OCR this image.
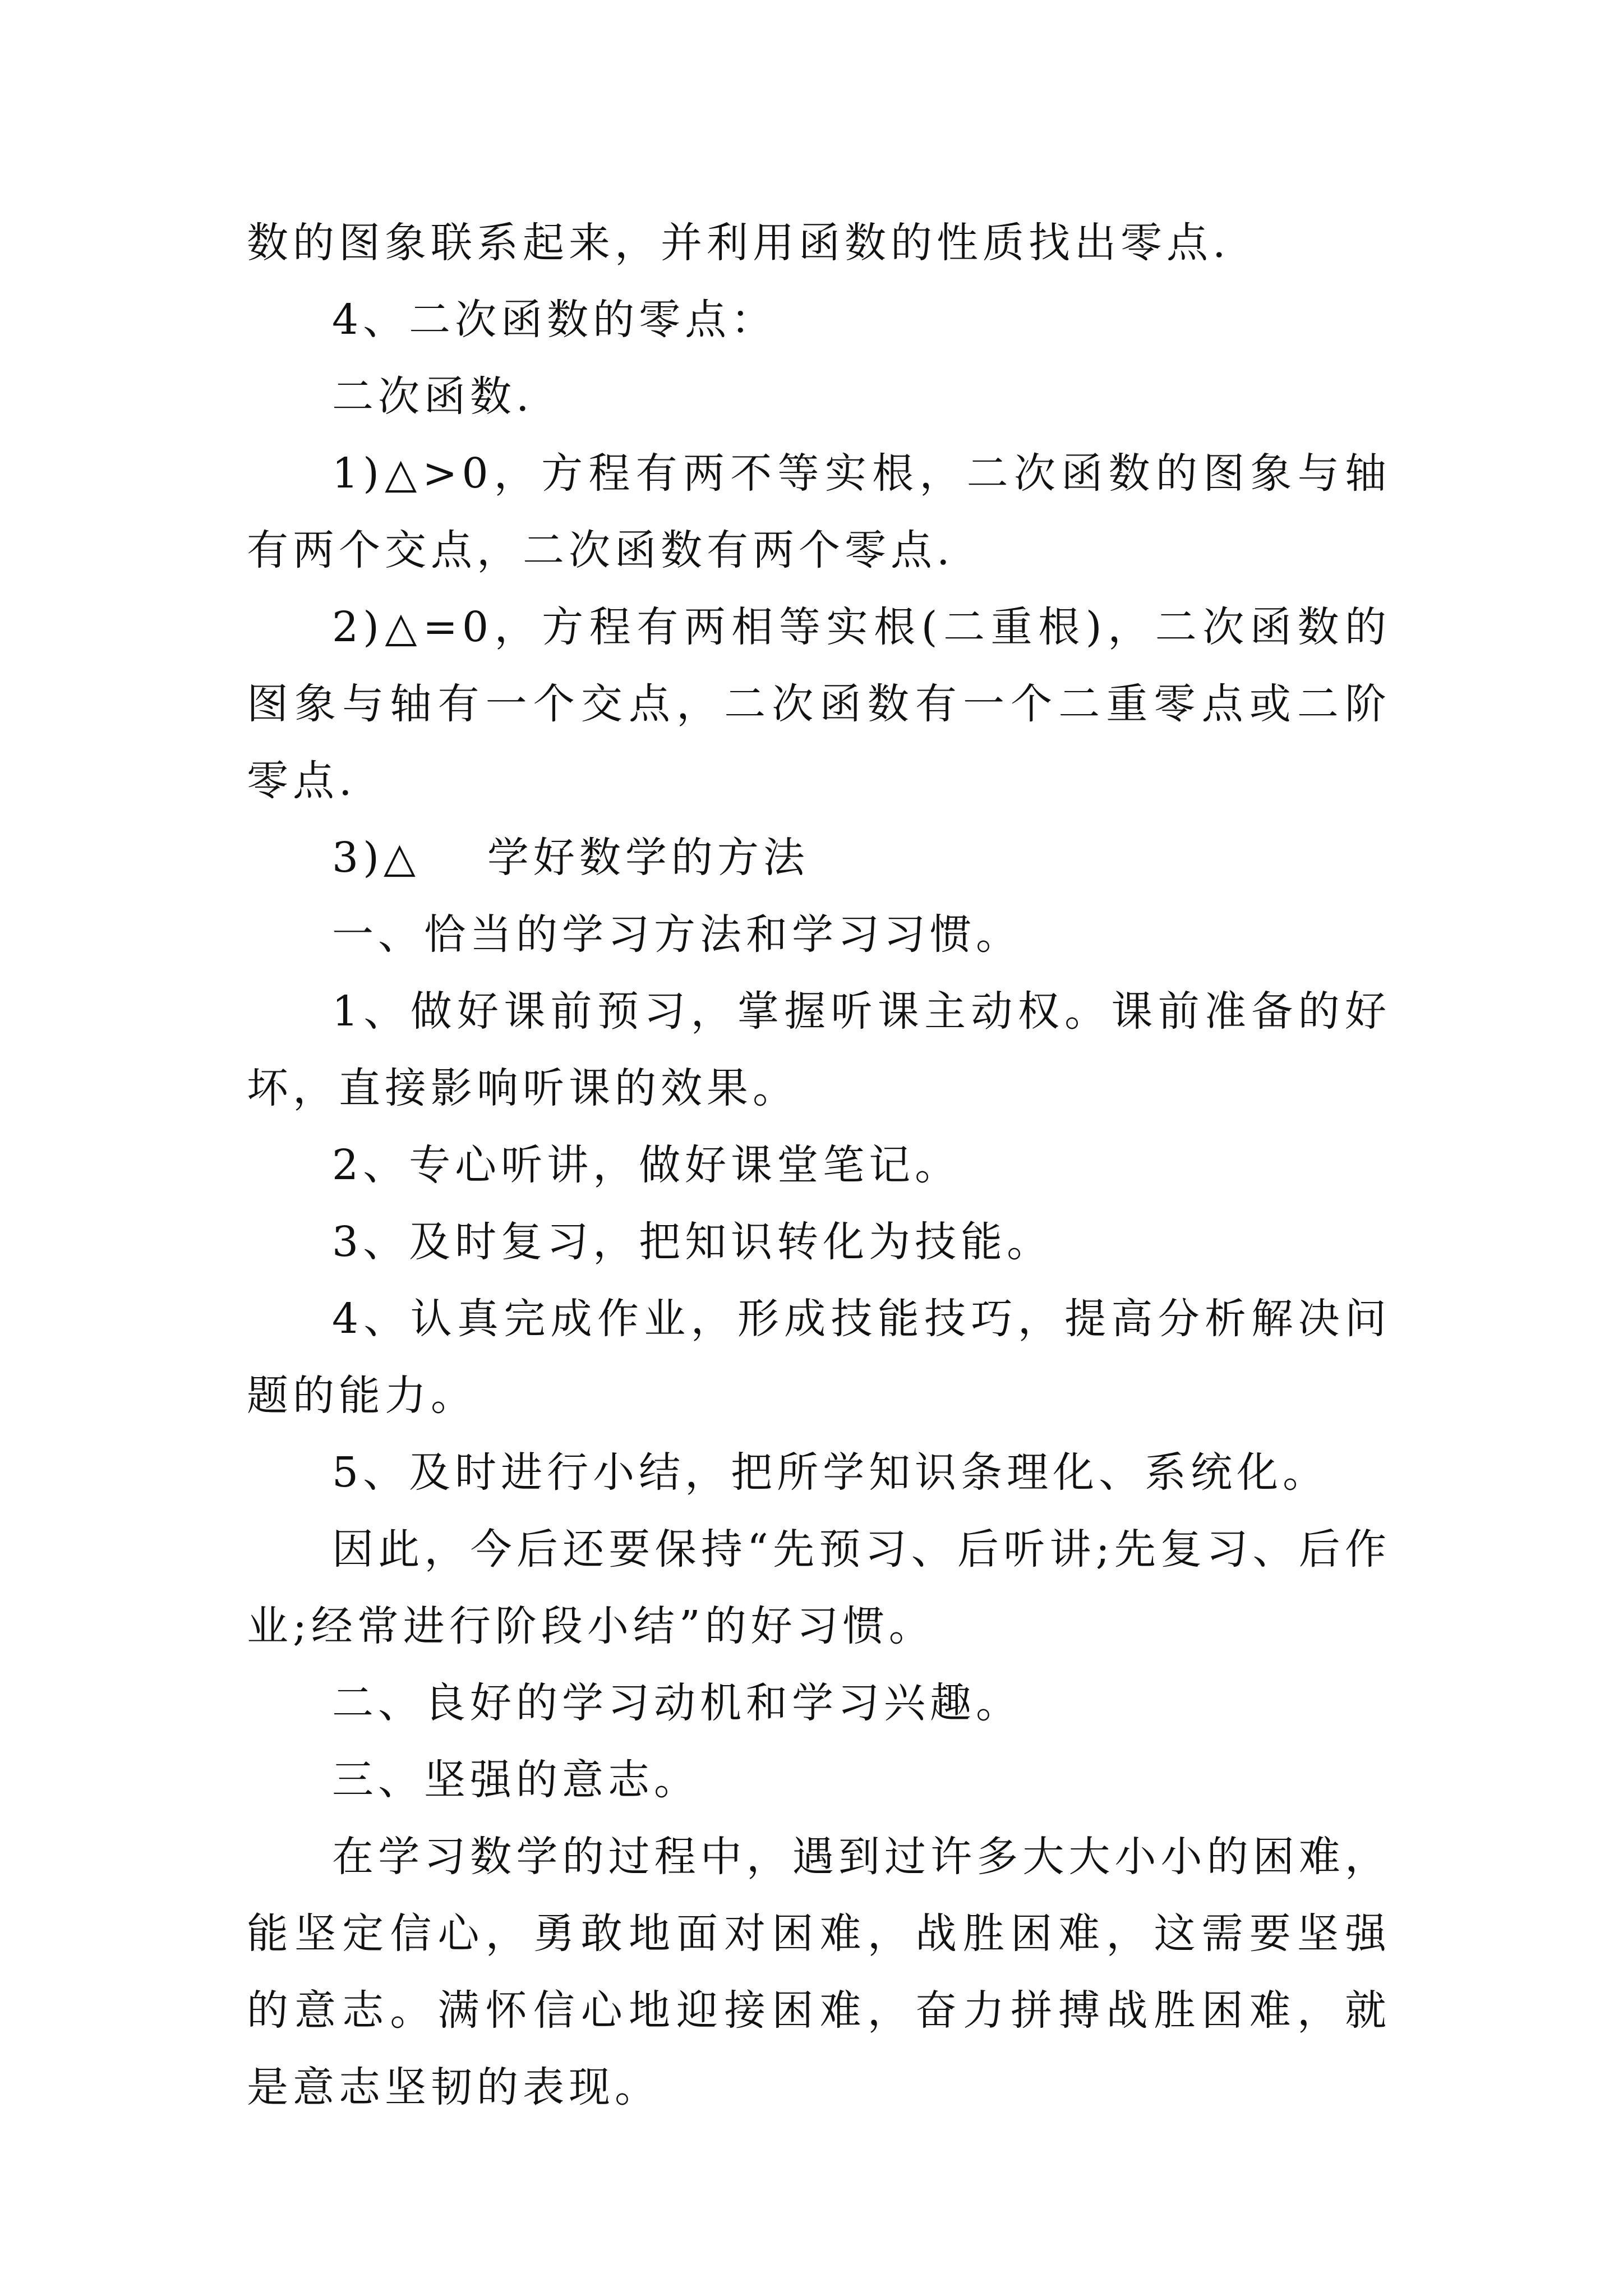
数的图象联系起来，并利用函数的性质找出零点.

4、二次函数的零点：

二次函数.

1)△>0，方程有两不等实根，二次函数的图象与轴有两个交点，二次函数有两个零点.

2)△=0，方程有两相等实根(二重根)，二次函数的图象与轴有一个交点，二次函数有一个二重零点或二阶零点.

3)△ 学好数学的方法

一、恰当的学习方法和学习习惯。

1、做好课前预习，掌握听课主动权。课前准备的好坏，直接影响听课的效果。

2、专心听讲，做好课堂笔记。

3、及时复习，把知识转化为技能。

4、认真完成作业，形成技能技巧，提高分析解决问题的能力。

5、及时进行小结，把所学知识条理化、系统化。

因此，今后还要保持“先预习、后听讲;先复习、后作业;经常进行阶段小结”的好习惯。

二、良好的学习动机和学习兴趣。

三、坚强的意志。

在学习数学的过程中，遇到过许多大大小小的困难，能坚定信心，勇敢地面对困难，战胜困难，这需要坚强的意志。满怀信心地迎接困难，奋力拼搏战胜困难，就是意志坚韧的表现。
